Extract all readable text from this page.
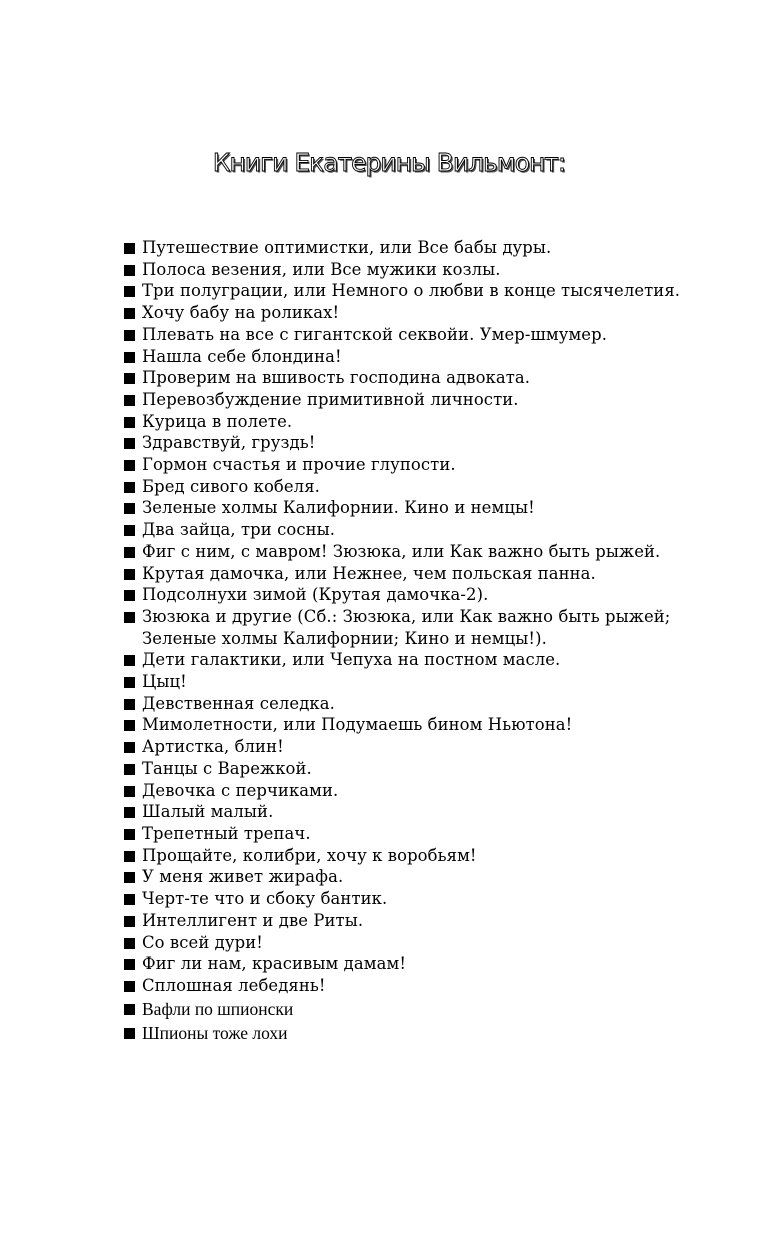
Книги Екатерины Вильмонт:
Путешествие оптимистки, или Все бабы дуры.
Полоса везения, или Все мужики козлы.
Три полуграции, или Немного о любви в конце тысячелетия.
Хочу бабу на роликах!
Плевать на все с гигантской секвойи. Умер-шмумер.
Нашла себе блондина!
Проверим на вшивость господина адвоката.
Перевозбуждение примитивной личности.
Курица в полете.
Здравствуй, груздь!
Гормон счастья и прочие глупости.
Бред сивого кобеля.
Зеленые холмы Калифорнии. Кино и немцы!
Два зайца, три сосны.
Фиг с ним, с мавром! Зюзюка, или Как важно быть рыжей.
Крутая дамочка, или Нежнее, чем польская панна.
Подсолнухи зимой (Крутая дамочка-2).
Зюзюка и другие (Сб.: Зюзюка, или Как важно быть рыжей; Зеленые холмы Калифорнии; Кино и немцы!).
Дети галактики, или Чепуха на постном масле.
Цыц!
Девственная селедка.
Мимолетности, или Подумаешь бином Ньютона!
Артистка, блин!
Танцы с Варежкой.
Девочка с перчиками.
Шалый малый.
Трепетный трепач.
Прощайте, колибри, хочу к воробьям!
У меня живет жирафа.
Черт-те что и сбоку бантик.
Интеллигент и две Риты.
Со всей дури!
Фиг ли нам, красивым дамам!
Сплошная лебедянь!
Вафли по шпионски
Шпионы тоже лохи
